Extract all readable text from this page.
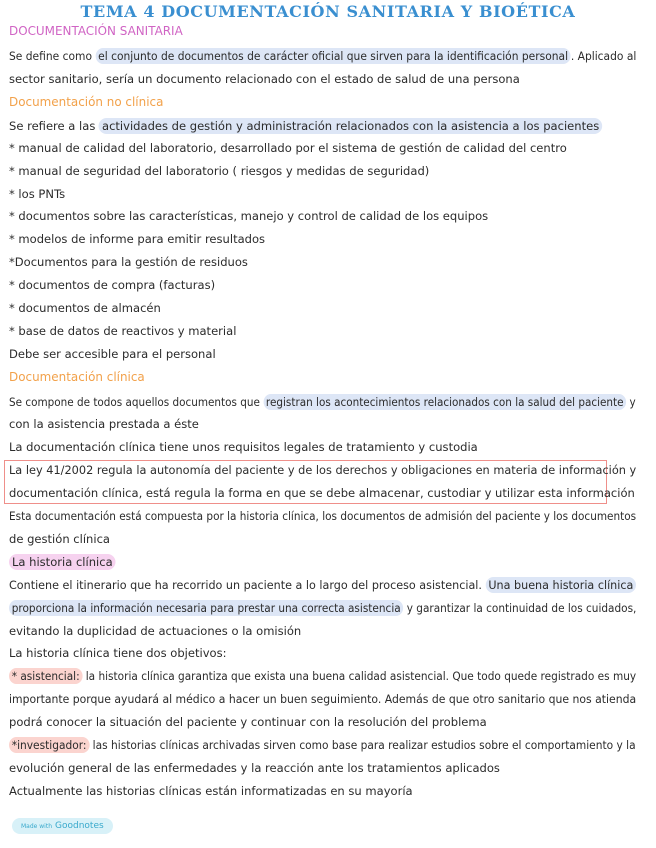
TEMA 4 DOCUMENTACIÓN SANITARIA Y BIOÉTICA
DOCUMENTACIÓN SANITARIA
Se define como el conjunto de documentos de carácter oficial que sirven para la identificación personal . Aplicado al
sector sanitario, sería un documento relacionado con el estado de salud de una persona
Documentación no clínica
Se refiere a las actividades de gestión y administración relacionados con la asistencia a los pacientes
* manual de calidad del laboratorio, desarrollado por el sistema de gestión de calidad del centro
* manual de seguridad del laboratorio ( riesgos y medidas de seguridad)
* los PNTs
* documentos sobre las características, manejo y control de calidad de los equipos
* modelos de informe para emitir resultados
*Documentos para la gestión de residuos
* documentos de compra (facturas)
* documentos de almacén
* base de datos de reactivos y material
Debe ser accesible para el personal
Documentación clínica
Se compone de todos aquellos documentos que registran los acontecimientos relacionados con la salud del paciente y
con la asistencia prestada a éste
La documentación clínica tiene unos requisitos legales de tratamiento y custodia
La ley 41/2002 regula la autonomía del paciente y de los derechos y obligaciones en materia de información y
documentación clínica, está regula la forma en que se debe almacenar, custodiar y utilizar esta información
Esta documentación está compuesta por la historia clínica, los documentos de admisión del paciente y los documentos
de gestión clínica
La historia clínica
Contiene el itinerario que ha recorrido un paciente a lo largo del proceso asistencial. Una buena historia clínica
proporciona la información necesaria para prestar una correcta asistencia y garantizar la continuidad de los cuidados,
evitando la duplicidad de actuaciones o la omisión
La historia clínica tiene dos objetivos:
* asistencial: la historia clínica garantiza que exista una buena calidad asistencial. Que todo quede registrado es muy
importante porque ayudará al médico a hacer un buen seguimiento. Además de que otro sanitario que nos atienda
podrá conocer la situación del paciente y continuar con la resolución del problema
*investigador: las historias clínicas archivadas sirven como base para realizar estudios sobre el comportamiento y la
evolución general de las enfermedades y la reacción ante los tratamientos aplicados
Actualmente las historias clínicas están informatizadas en su mayoría
Made with Goodnotes
